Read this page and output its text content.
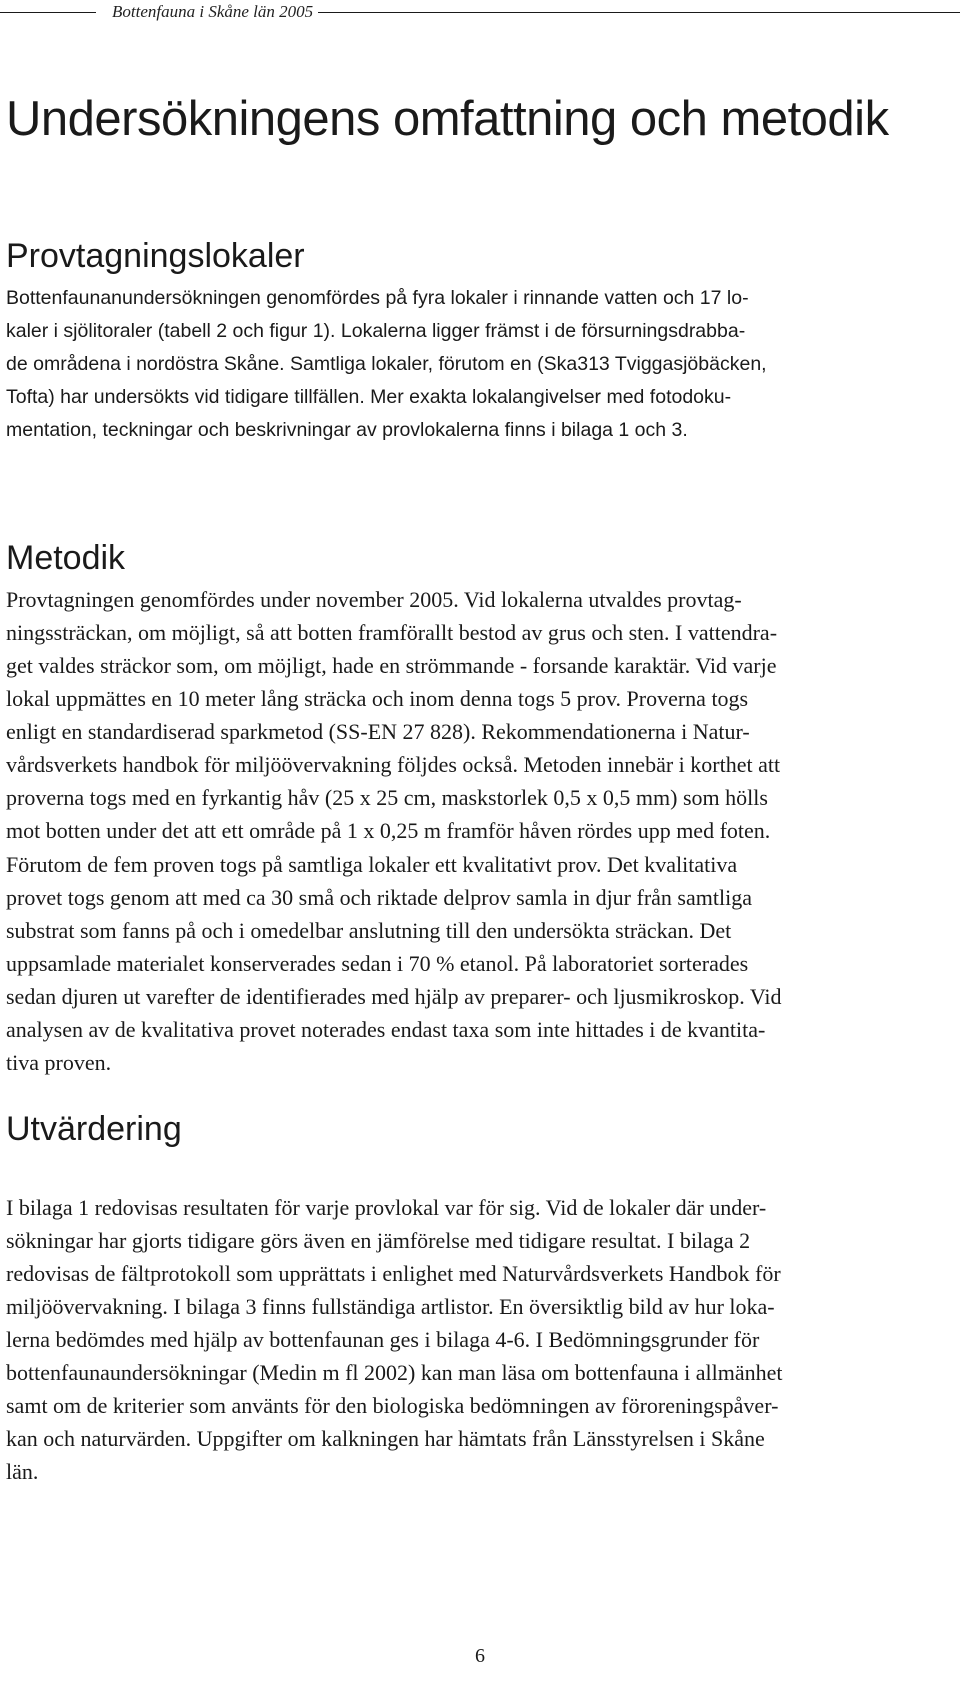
Bottenfauna i Skåne län 2005
Undersökningens omfattning och metodik
Provtagningslokaler
Bottenfaunanundersökningen genomfördes på fyra lokaler i rinnande vatten och 17 lo-
kaler i sjölitoraler (tabell 2 och figur 1). Lokalerna ligger främst i de försurningsdrabba-
de områdena i nordöstra Skåne. Samtliga lokaler, förutom en (Ska313 Tviggasjöbäcken,
Tofta) har undersökts vid tidigare tillfällen. Mer exakta lokalangivelser med fotodoku-
mentation, teckningar och beskrivningar av provlokalerna finns i bilaga 1 och 3.
Metodik
Provtagningen genomfördes under november 2005. Vid lokalerna utvaldes provtag-
ningssträckan, om möjligt, så att botten framförallt bestod av grus och sten. I vattendra-
get valdes sträckor som, om möjligt, hade en strömmande - forsande karaktär. Vid varje
lokal uppmättes en 10 meter lång sträcka och inom denna togs 5 prov. Proverna togs
enligt en standardiserad sparkmetod (SS-EN 27 828). Rekommendationerna i Natur-
vårdsverkets handbok för miljöövervakning följdes också. Metoden innebär i korthet att
proverna togs med en fyrkantig håv (25 x 25 cm, maskstorlek 0,5 x 0,5 mm) som hölls
mot botten under det att ett område på 1 x 0,25 m framför håven rördes upp med foten.
Förutom de fem proven togs på samtliga lokaler ett kvalitativt prov. Det kvalitativa
provet togs genom att med ca 30 små och riktade delprov samla in djur från samtliga
substrat som fanns på och i omedelbar anslutning till den undersökta sträckan. Det
uppsamlade materialet konserverades sedan i 70 % etanol. På laboratoriet sorterades
sedan djuren ut varefter de identifierades med hjälp av preparer- och ljusmikroskop. Vid
analysen av de kvalitativa provet noterades endast taxa som inte hittades i de kvantita-
tiva proven.
Utvärdering
I bilaga 1 redovisas resultaten för varje provlokal var för sig. Vid de lokaler där under-
sökningar har gjorts tidigare görs även en jämförelse med tidigare resultat. I bilaga 2
redovisas de fältprotokoll som upprättats i enlighet med Naturvårdsverkets Handbok för
miljöövervakning. I bilaga 3 finns fullständiga artlistor. En översiktlig bild av hur loka-
lerna bedömdes med hjälp av bottenfaunan ges i bilaga 4-6. I Bedömningsgrunder för
bottenfaunaundersökningar (Medin m fl 2002) kan man läsa om bottenfauna i allmänhet
samt om de kriterier som använts för den biologiska bedömningen av föroreningspåver-
kan och naturvärden. Uppgifter om kalkningen har hämtats från Länsstyrelsen i Skåne
län.
6
